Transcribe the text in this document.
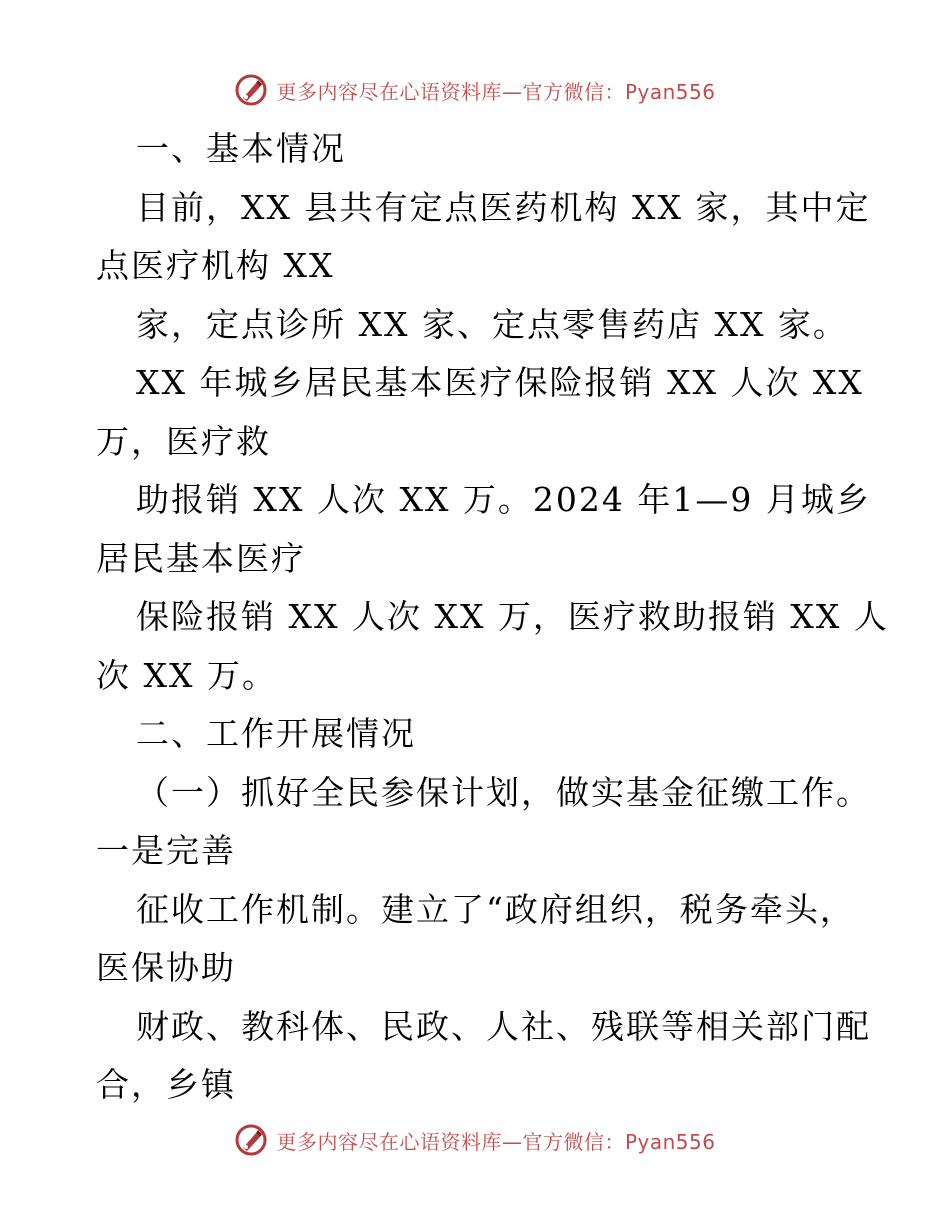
更多内容尽在心语资料库—官方微信：Pyan556

一、基本情况

目前，XX 县共有定点医药机构 XX 家，其中定

点医疗机构 XX

家，定点诊所 XX 家、定点零售药店 XX 家。

XX 年城乡居民基本医疗保险报销 XX 人次 XX

万，医疗救

助报销 XX 人次 XX 万。2024 年1—9 月城乡

居民基本医疗

保险报销 XX 人次 XX 万，医疗救助报销 XX 人

次 XX 万。

二、工作开展情况

（一）抓好全民参保计划，做实基金征缴工作。

一是完善

征收工作机制。建立了“政府组织，税务牵头，

医保协助

财政、教科体、民政、人社、残联等相关部门配

合，乡镇

更多内容尽在心语资料库—官方微信：Pyan556
